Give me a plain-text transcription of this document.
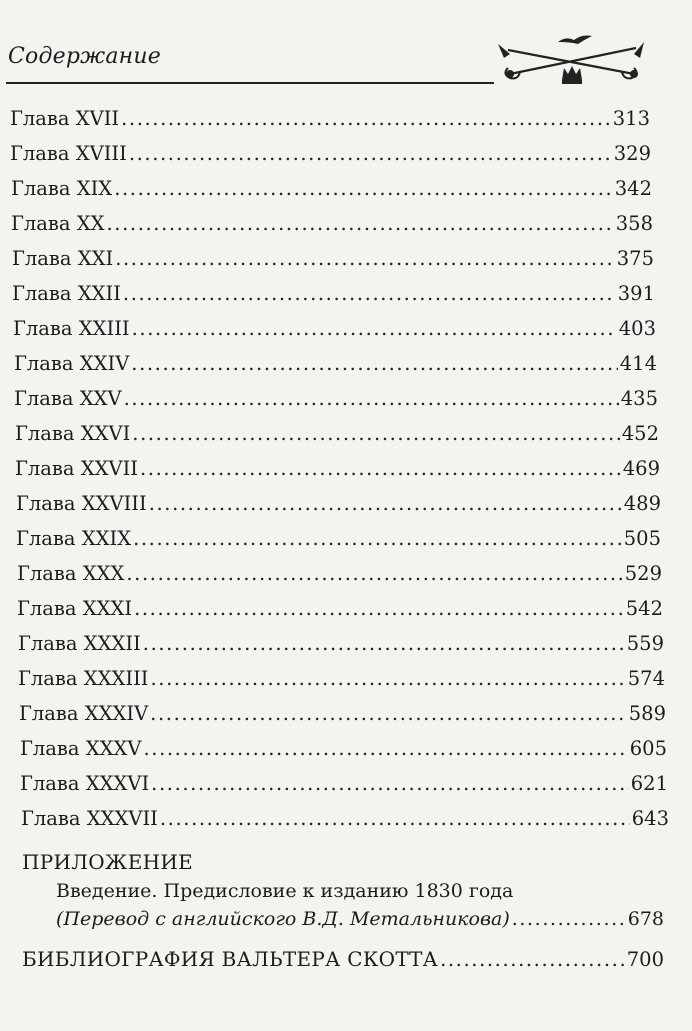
Содержание
Глава XVII .....	313
Глава XVIII .....	329
Глава XIX .....	342
Глава XX .....	358
Глава XXI .....	375
Глава XXII .....	391
Глава XXIII .....	403
Глава XXIV .....	414
Глава XXV .....	435
Глава XXVI .....	452
Глава XXVII .....	469
Глава XXVIII .....	489
Глава XXIX .....	505
Глава XXX .....	529
Глава XXXI .....	542
Глава XXXII .....	559
Глава XXXIII .....	574
Глава XXXIV .....	589
Глава XXXV .....	605
Глава XXXVI .....	621
Глава XXXVII .....	643
ПРИЛОЖЕНИЕ
Введение. Предисловие к изданию 1830 года
(Перевод с английского В.Д. Метальникова) .....	678
БИБЛИОГРАФИЯ ВАЛЬТЕРА СКОТТА .....	700
